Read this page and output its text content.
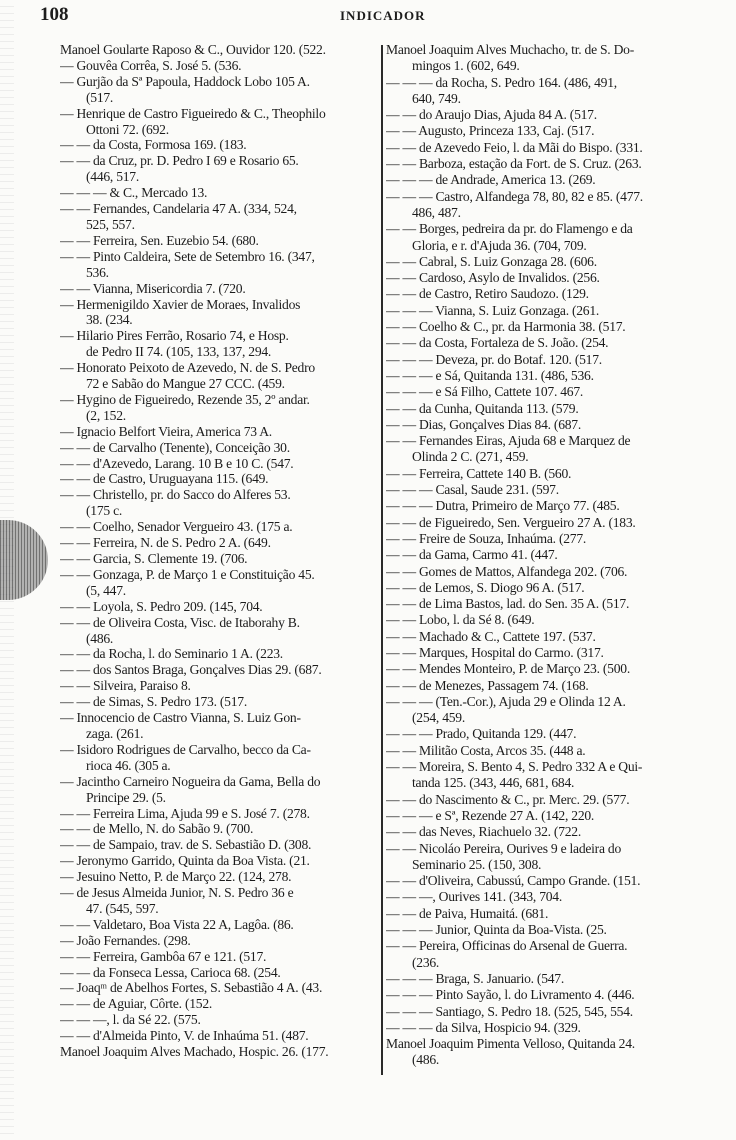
108	INDICADOR
Manoel Goularte Raposo & C., Ouvidor 120. (522.
— Gouvêa Corrêa, S. José 5. (536.
— Gurjão da Sª Papoula, Haddock Lobo 105 A.
(517.
— Henrique de Castro Figueiredo & C., Theophilo
Ottoni 72. (692.
— — da Costa, Formosa 169. (183.
— — da Cruz, pr. D. Pedro I 69 e Rosario 65.
(446, 517.
— — — & C., Mercado 13.
— — Fernandes, Candelaria 47 A. (334, 524,
525, 557.
— — Ferreira, Sen. Euzebio 54. (680.
— — Pinto Caldeira, Sete de Setembro 16. (347,
536.
— — Vianna, Misericordia 7. (720.
— Hermenigildo Xavier de Moraes, Invalidos
38. (234.
— Hilario Pires Ferrão, Rosario 74, e Hosp.
de Pedro II 74. (105, 133, 137, 294.
— Honorato Peixoto de Azevedo, N. de S. Pedro
72 e Sabão do Mangue 27 CCC. (459.
— Hygino de Figueiredo, Rezende 35, 2º andar.
(2, 152.
— Ignacio Belfort Vieira, America 73 A.
— — de Carvalho (Tenente), Conceição 30.
— — d'Azevedo, Larang. 10 B e 10 C. (547.
— — de Castro, Uruguayana 115. (649.
— — Christello, pr. do Sacco do Alferes 53.
(175 c.
— — Coelho, Senador Vergueiro 43. (175 a.
— — Ferreira, N. de S. Pedro 2 A. (649.
— — Garcia, S. Clemente 19. (706.
— — Gonzaga, P. de Março 1 e Constituição 45.
(5, 447.
— — Loyola, S. Pedro 209. (145, 704.
— — de Oliveira Costa, Visc. de Itaborahy B.
(486.
— — da Rocha, l. do Seminario 1 A. (223.
— — dos Santos Braga, Gonçalves Dias 29. (687.
— — Silveira, Paraiso 8.
— — de Simas, S. Pedro 173. (517.
— Innocencio de Castro Vianna, S. Luiz Gon-
zaga. (261.
— Isidoro Rodrigues de Carvalho, becco da Ca-
rioca 46. (305 a.
— Jacintho Carneiro Nogueira da Gama, Bella do
Principe 29. (5.
— — Ferreira Lima, Ajuda 99 e S. José 7. (278.
— — de Mello, N. do Sabão 9. (700.
— — de Sampaio, trav. de S. Sebastião D. (308.
— Jeronymo Garrido, Quinta da Boa Vista. (21.
— Jesuino Netto, P. de Março 22. (124, 278.
— de Jesus Almeida Junior, N. S. Pedro 36 e
47. (545, 597.
— — Valdetaro, Boa Vista 22 A, Lagôa. (86.
— João Fernandes. (298.
— — Ferreira, Gambôa 67 e 121. (517.
— — da Fonseca Lessa, Carioca 68. (254.
— Joaqᵐ de Abelhos Fortes, S. Sebastião 4 A. (43.
— — de Aguiar, Côrte. (152.
— — —, l. da Sé 22. (575.
— — d'Almeida Pinto, V. de Inhaúma 51. (487.
Manoel Joaquim Alves Machado, Hospic. 26. (177.
Manoel Joaquim Alves Muchacho, tr. de S. Do-
mingos 1. (602, 649.
— — — da Rocha, S. Pedro 164. (486, 491,
640, 749.
— — do Araujo Dias, Ajuda 84 A. (517.
— — Augusto, Princeza 133, Caj. (517.
— — de Azevedo Feio, l. da Mãi do Bispo. (331.
— — Barboza, estação da Fort. de S. Cruz. (263.
— — — de Andrade, America 13. (269.
— — — Castro, Alfandega 78, 80, 82 e 85. (477.
486, 487.
— — Borges, pedreira da pr. do Flamengo e da
Gloria, e r. d'Ajuda 36. (704, 709.
— — Cabral, S. Luiz Gonzaga 28. (606.
— — Cardoso, Asylo de Invalidos. (256.
— — de Castro, Retiro Saudozo. (129.
— — — Vianna, S. Luiz Gonzaga. (261.
— — Coelho & C., pr. da Harmonia 38. (517.
— — da Costa, Fortaleza de S. João. (254.
— — — Deveza, pr. do Botaf. 120. (517.
— — — e Sá, Quitanda 131. (486, 536.
— — — e Sá Filho, Cattete 107. 467.
— — da Cunha, Quitanda 113. (579.
— — Dias, Gonçalves Dias 84. (687.
— — Fernandes Eiras, Ajuda 68 e Marquez de
Olinda 2 C. (271, 459.
— — Ferreira, Cattete 140 B. (560.
— — — Casal, Saude 231. (597.
— — — Dutra, Primeiro de Março 77. (485.
— — de Figueiredo, Sen. Vergueiro 27 A. (183.
— — Freire de Souza, Inhaúma. (277.
— — da Gama, Carmo 41. (447.
— — Gomes de Mattos, Alfandega 202. (706.
— — de Lemos, S. Diogo 96 A. (517.
— — de Lima Bastos, lad. do Sen. 35 A. (517.
— — Lobo, l. da Sé 8. (649.
— — Machado & C., Cattete 197. (537.
— — Marques, Hospital do Carmo. (317.
— — Mendes Monteiro, P. de Março 23. (500.
— — de Menezes, Passagem 74. (168.
— — — (Ten.-Cor.), Ajuda 29 e Olinda 12 A.
(254, 459.
— — — Prado, Quitanda 129. (447.
— — Militão Costa, Arcos 35. (448 a.
— — Moreira, S. Bento 4, S. Pedro 332 A e Qui-
tanda 125. (343, 446, 681, 684.
— — do Nascimento & C., pr. Merc. 29. (577.
— — — e Sª, Rezende 27 A. (142, 220.
— — das Neves, Riachuelo 32. (722.
— — Nicoláo Pereira, Ourives 9 e ladeira do
Seminario 25. (150, 308.
— — d'Oliveira, Cabussú, Campo Grande. (151.
— — —, Ourives 141. (343, 704.
— — de Paiva, Humaitá. (681.
— — — Junior, Quinta da Boa-Vista. (25.
— — Pereira, Officinas do Arsenal de Guerra.
(236.
— — — Braga, S. Januario. (547.
— — — Pinto Sayão, l. do Livramento 4. (446.
— — — Santiago, S. Pedro 18. (525, 545, 554.
— — — da Silva, Hospicio 94. (329.
Manoel Joaquim Pimenta Velloso, Quitanda 24.
(486.
